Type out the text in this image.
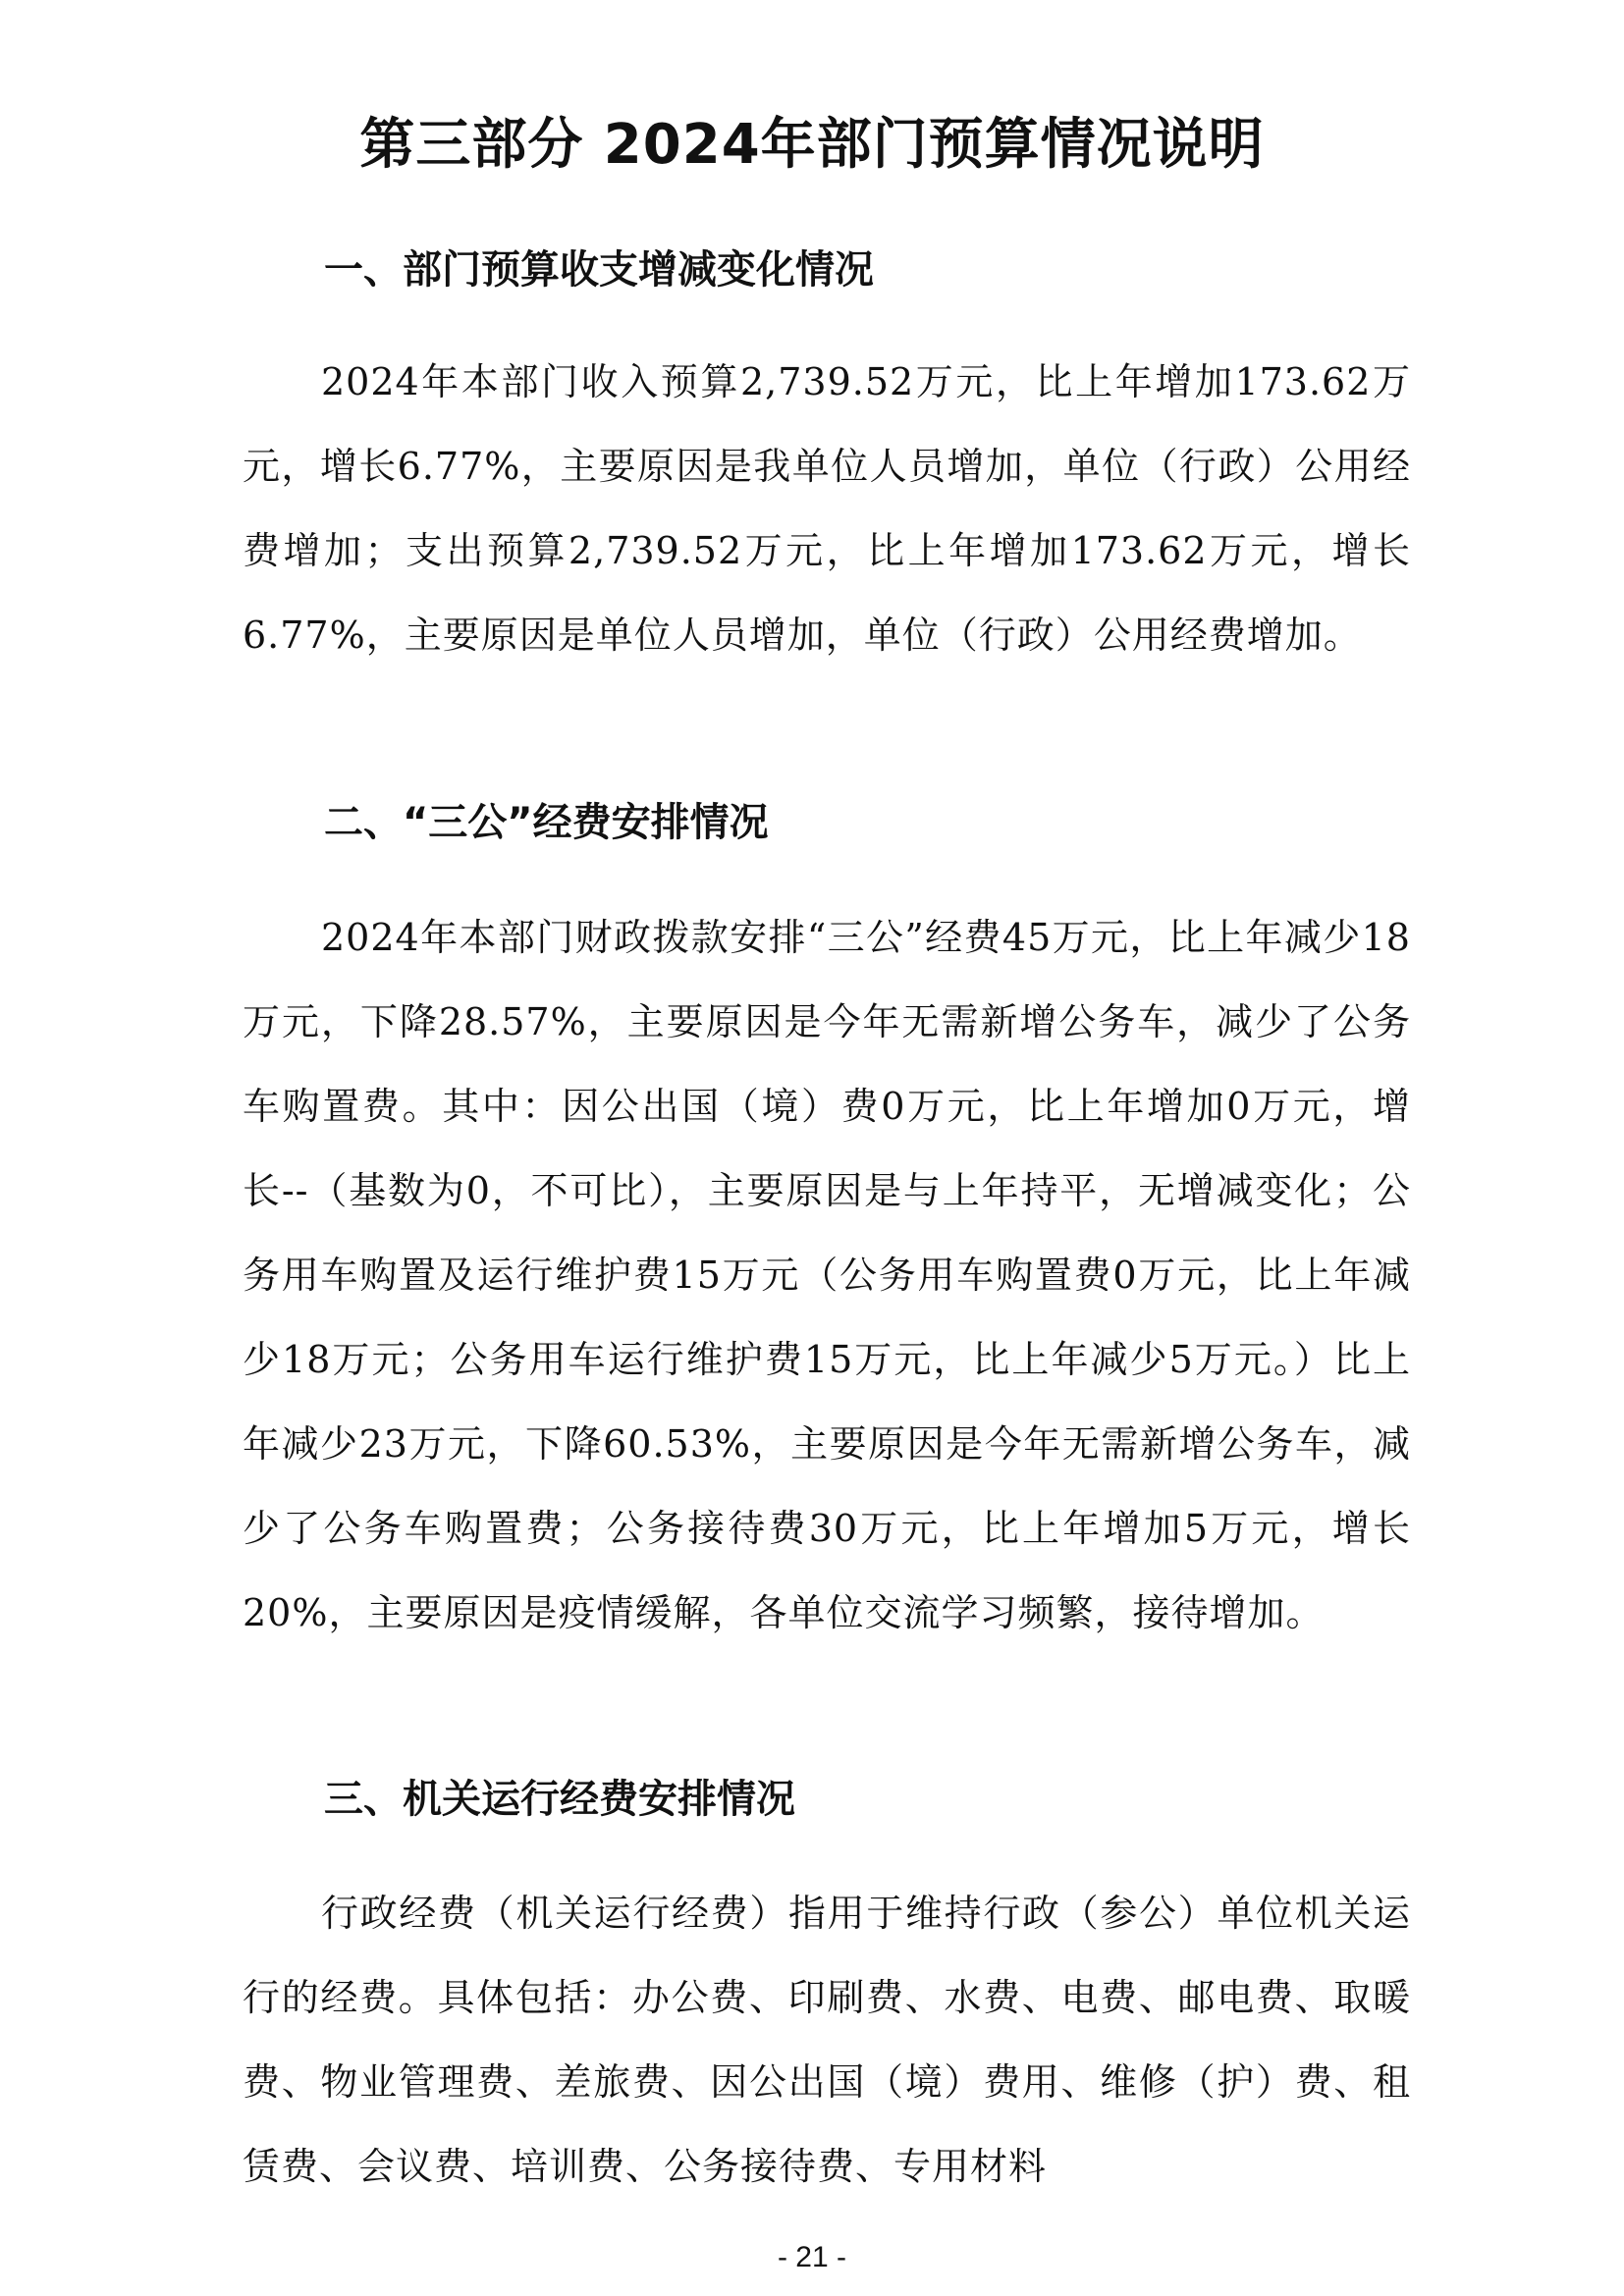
第三部分 2024年部门预算情况说明
一、部门预算收支增减变化情况

2024年本部门收入预算2,739.52万元，比上年增加173.62万元，增长6.77%，主要原因是我单位人员增加，单位（行政）公用经费增加；支出预算2,739.52万元，比上年增加173.62万元，增长6.77%，主要原因是单位人员增加，单位（行政）公用经费增加。

二、“三公”经费安排情况

2024年本部门财政拨款安排“三公”经费45万元，比上年减少18万元，下降28.57%，主要原因是今年无需新增公务车，减少了公务车购置费。其中：因公出国（境）费0万元，比上年增加0万元，增长--（基数为0，不可比），主要原因是与上年持平，无增减变化；公务用车购置及运行维护费15万元（公务用车购置费0万元，比上年减少18万元；公务用车运行维护费15万元，比上年减少5万元。）比上年减少23万元，下降60.53%，主要原因是今年无需新增公务车，减少了公务车购置费；公务接待费30万元，比上年增加5万元，增长20%，主要原因是疫情缓解，各单位交流学习频繁，接待增加。

三、机关运行经费安排情况

行政经费（机关运行经费）指用于维持行政（参公）单位机关运行的经费。具体包括：办公费、印刷费、水费、电费、邮电费、取暖费、物业管理费、差旅费、因公出国（境）费用、维修（护）费、租赁费、会议费、培训费、公务接待费、专用材料

- 21 -
